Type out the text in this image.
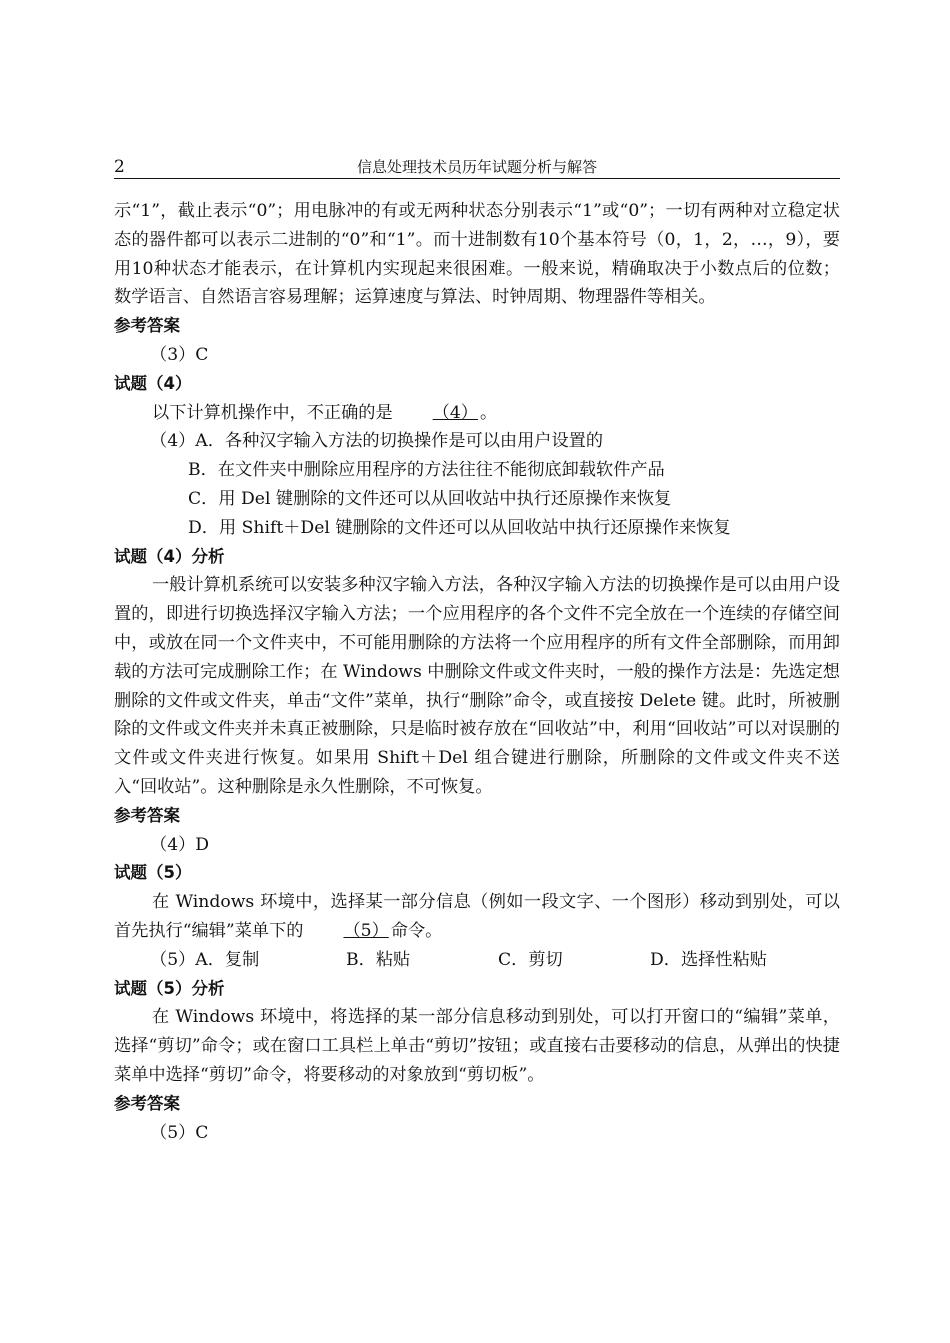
2	信息处理技术员历年试题分析与解答

示“1”，截止表示“0”；用电脉冲的有或无两种状态分别表示“1”或“0”；一切有两种对立稳定状态的器件都可以表示二进制的“0”和“1”。而十进制数有10个基本符号（0，1，2，…，9），要用10种状态才能表示，在计算机内实现起来很困难。一般来说，精确取决于小数点后的位数；数学语言、自然语言容易理解；运算速度与算法、时钟周期、物理器件等相关。

参考答案

（3）C

试题（4）

以下计算机操作中，不正确的是 （4） 。

（4）A．各种汉字输入方法的切换操作是可以由用户设置的

B．在文件夹中删除应用程序的方法往往不能彻底卸载软件产品

C．用 Del 键删除的文件还可以从回收站中执行还原操作来恢复

D．用 Shift＋Del 键删除的文件还可以从回收站中执行还原操作来恢复

试题（4）分析

一般计算机系统可以安装多种汉字输入方法，各种汉字输入方法的切换操作是可以由用户设置的，即进行切换选择汉字输入方法；一个应用程序的各个文件不完全放在一个连续的存储空间中，或放在同一个文件夹中，不可能用删除的方法将一个应用程序的所有文件全部删除，而用卸载的方法可完成删除工作；在 Windows 中删除文件或文件夹时，一般的操作方法是：先选定想删除的文件或文件夹，单击“文件”菜单，执行“删除”命令，或直接按 Delete 键。此时，所被删除的文件或文件夹并未真正被删除，只是临时被存放在“回收站”中，利用“回收站”可以对误删的文件或文件夹进行恢复。如果用 Shift＋Del 组合键进行删除，所删除的文件或文件夹不送入“回收站”。这种删除是永久性删除，不可恢复。

参考答案

（4）D

试题（5）

在 Windows 环境中，选择某一部分信息（例如一段文字、一个图形）移动到别处，可以首先执行“编辑”菜单下的 （5） 命令。

（5）A．复制	B．粘贴	C．剪切	D．选择性粘贴

试题（5）分析

在 Windows 环境中，将选择的某一部分信息移动到别处，可以打开窗口的“编辑”菜单，选择“剪切”命令；或在窗口工具栏上单击“剪切”按钮；或直接右击要移动的信息，从弹出的快捷菜单中选择“剪切”命令，将要移动的对象放到“剪切板”。

参考答案

（5）C
